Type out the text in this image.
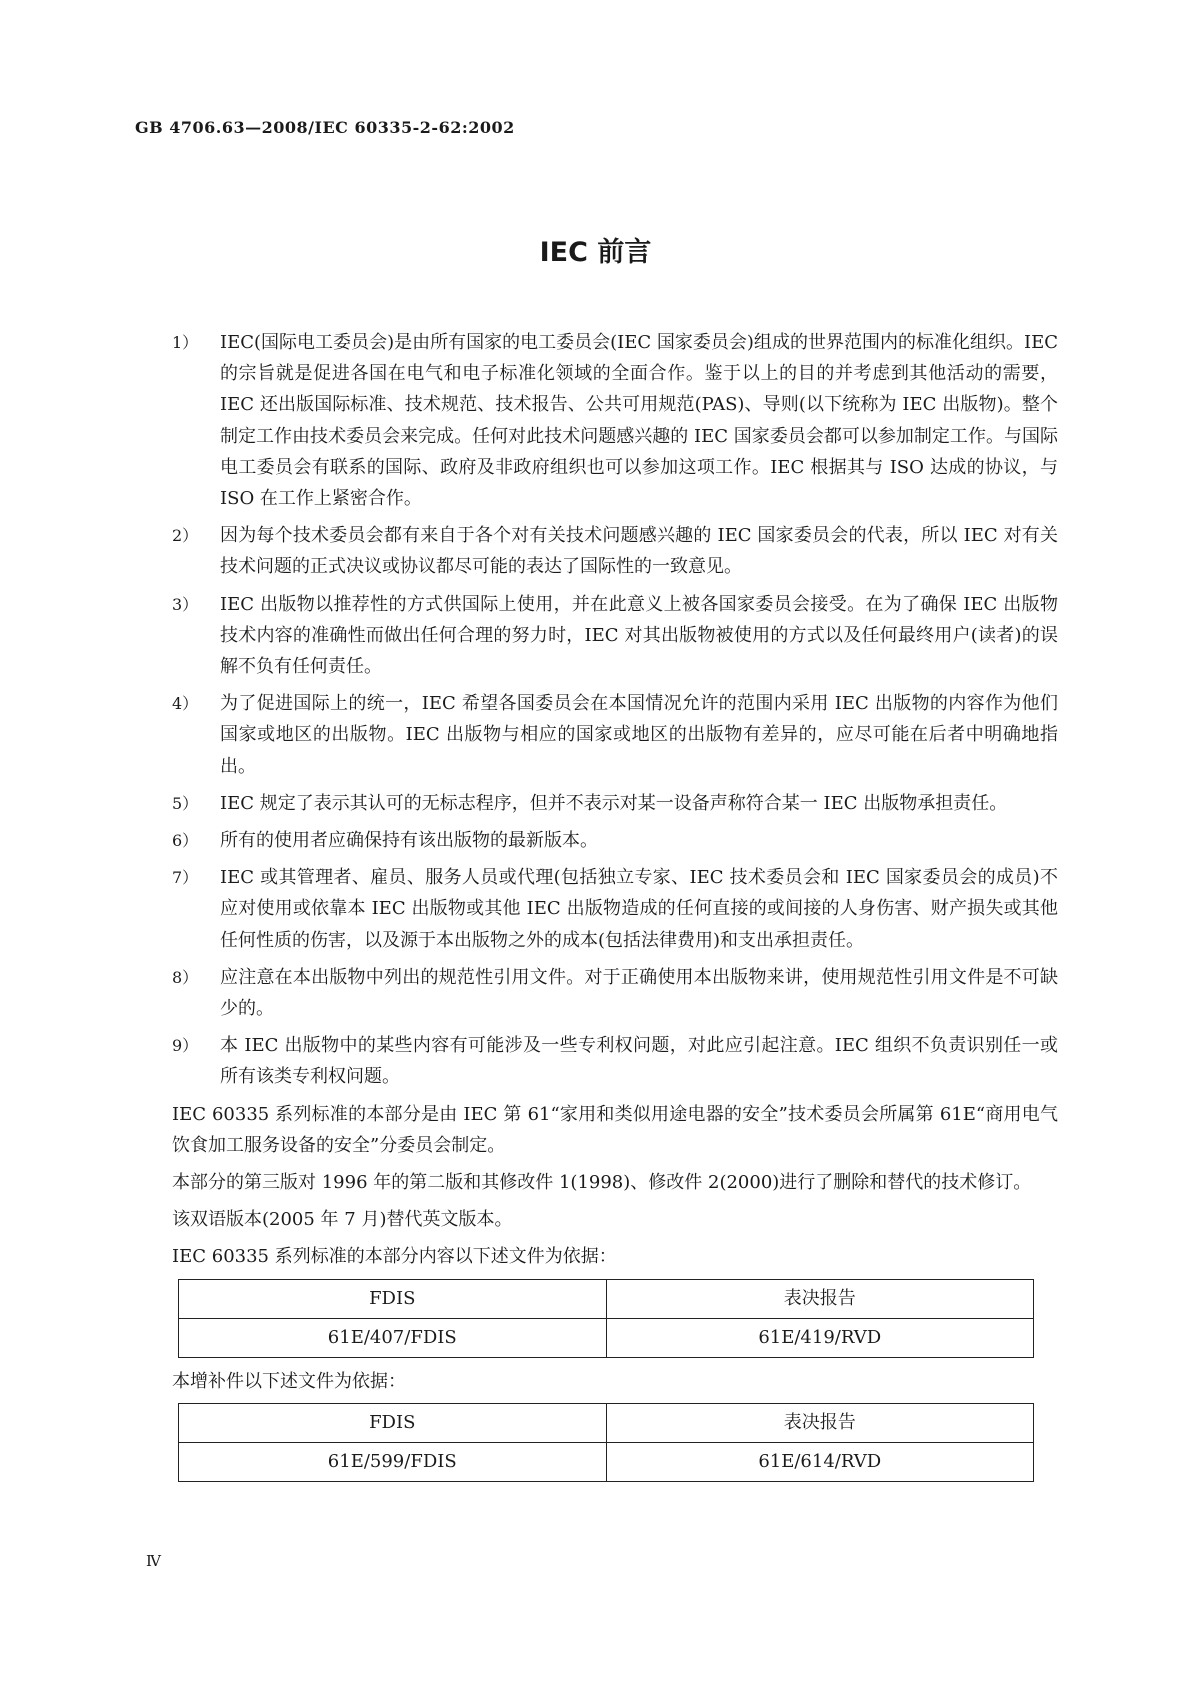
GB 4706.63—2008/IEC 60335-2-62:2002
IEC 前言
1）	IEC(国际电工委员会)是由所有国家的电工委员会(IEC 国家委员会)组成的世界范围内的标准化组织。IEC 的宗旨就是促进各国在电气和电子标准化领域的全面合作。鉴于以上的目的并考虑到其他活动的需要，IEC 还出版国际标准、技术规范、技术报告、公共可用规范(PAS)、导则(以下统称为 IEC 出版物)。整个制定工作由技术委员会来完成。任何对此技术问题感兴趣的 IEC 国家委员会都可以参加制定工作。与国际电工委员会有联系的国际、政府及非政府组织也可以参加这项工作。IEC 根据其与 ISO 达成的协议，与 ISO 在工作上紧密合作。
2）	因为每个技术委员会都有来自于各个对有关技术问题感兴趣的 IEC 国家委员会的代表，所以 IEC 对有关技术问题的正式决议或协议都尽可能的表达了国际性的一致意见。
3）	IEC 出版物以推荐性的方式供国际上使用，并在此意义上被各国家委员会接受。在为了确保 IEC 出版物技术内容的准确性而做出任何合理的努力时，IEC 对其出版物被使用的方式以及任何最终用户(读者)的误解不负有任何责任。
4）	为了促进国际上的统一，IEC 希望各国委员会在本国情况允许的范围内采用 IEC 出版物的内容作为他们国家或地区的出版物。IEC 出版物与相应的国家或地区的出版物有差异的，应尽可能在后者中明确地指出。
5）	IEC 规定了表示其认可的无标志程序，但并不表示对某一设备声称符合某一 IEC 出版物承担责任。
6）	所有的使用者应确保持有该出版物的最新版本。
7）	IEC 或其管理者、雇员、服务人员或代理(包括独立专家、IEC 技术委员会和 IEC 国家委员会的成员)不应对使用或依靠本 IEC 出版物或其他 IEC 出版物造成的任何直接的或间接的人身伤害、财产损失或其他任何性质的伤害，以及源于本出版物之外的成本(包括法律费用)和支出承担责任。
8）	应注意在本出版物中列出的规范性引用文件。对于正确使用本出版物来讲，使用规范性引用文件是不可缺少的。
9）	本 IEC 出版物中的某些内容有可能涉及一些专利权问题，对此应引起注意。IEC 组织不负责识别任一或所有该类专利权问题。
IEC 60335 系列标准的本部分是由 IEC 第 61“家用和类似用途电器的安全”技术委员会所属第 61E“商用电气饮食加工服务设备的安全”分委员会制定。
本部分的第三版对 1996 年的第二版和其修改件 1(1998)、修改件 2(2000)进行了删除和替代的技术修订。
该双语版本(2005 年 7 月)替代英文版本。
IEC 60335 系列标准的本部分内容以下述文件为依据：
FDIS	表决报告
61E/407/FDIS	61E/419/RVD
本增补件以下述文件为依据：
FDIS	表决报告
61E/599/FDIS	61E/614/RVD
Ⅳ
